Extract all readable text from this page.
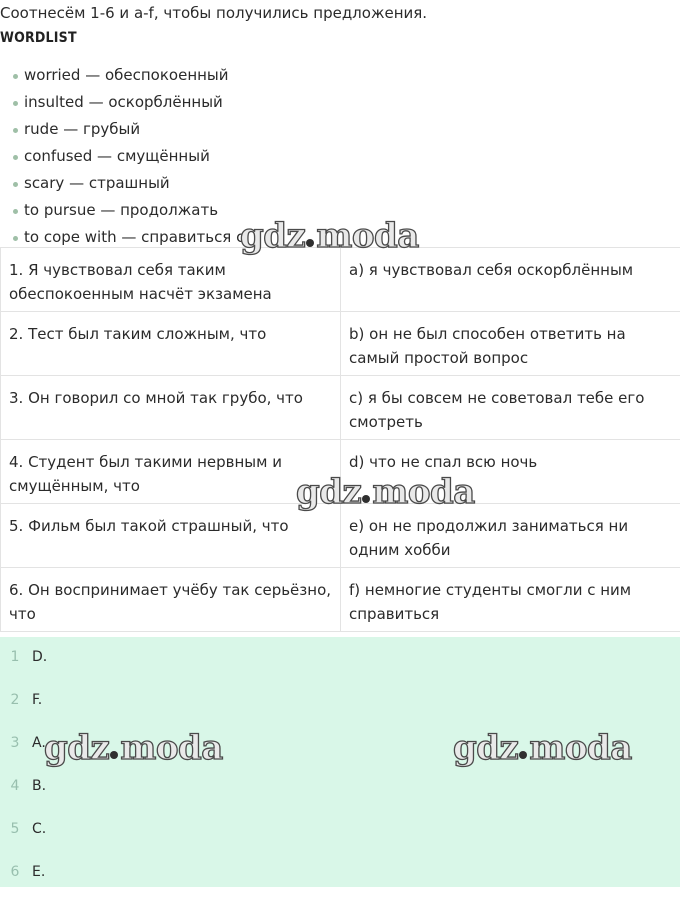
Соотнесём 1-6 и a-f, чтобы получились предложения.
WORDLIST
worried — обеспокоенный
insulted — оскорблённый
rude — грубый
confused — смущённый
scary — страшный
to pursue — продолжать
to cope with — справиться с
1. Я чувствовал себя таким обеспокоенным насчёт экзамена	a) я чувствовал себя оскорблённым
2. Тест был таким сложным, что	b) он не был способен ответить на самый простой вопрос
3. Он говорил со мной так грубо, что	c) я бы совсем не советовал тебе его смотреть
4. Студент был такими нервным и смущённым, что	d) что не спал всю ночь
5. Фильм был такой страшный, что	e) он не продолжил заниматься ни одним хобби
6. Он воспринимает учёбу так серьёзно, что	f) немногие студенты смогли с ним справиться
1 D.
2 F.
3 A.
4 B.
5 C.
6 E.
gdz moda
gdz moda
gdz moda	gdz moda
